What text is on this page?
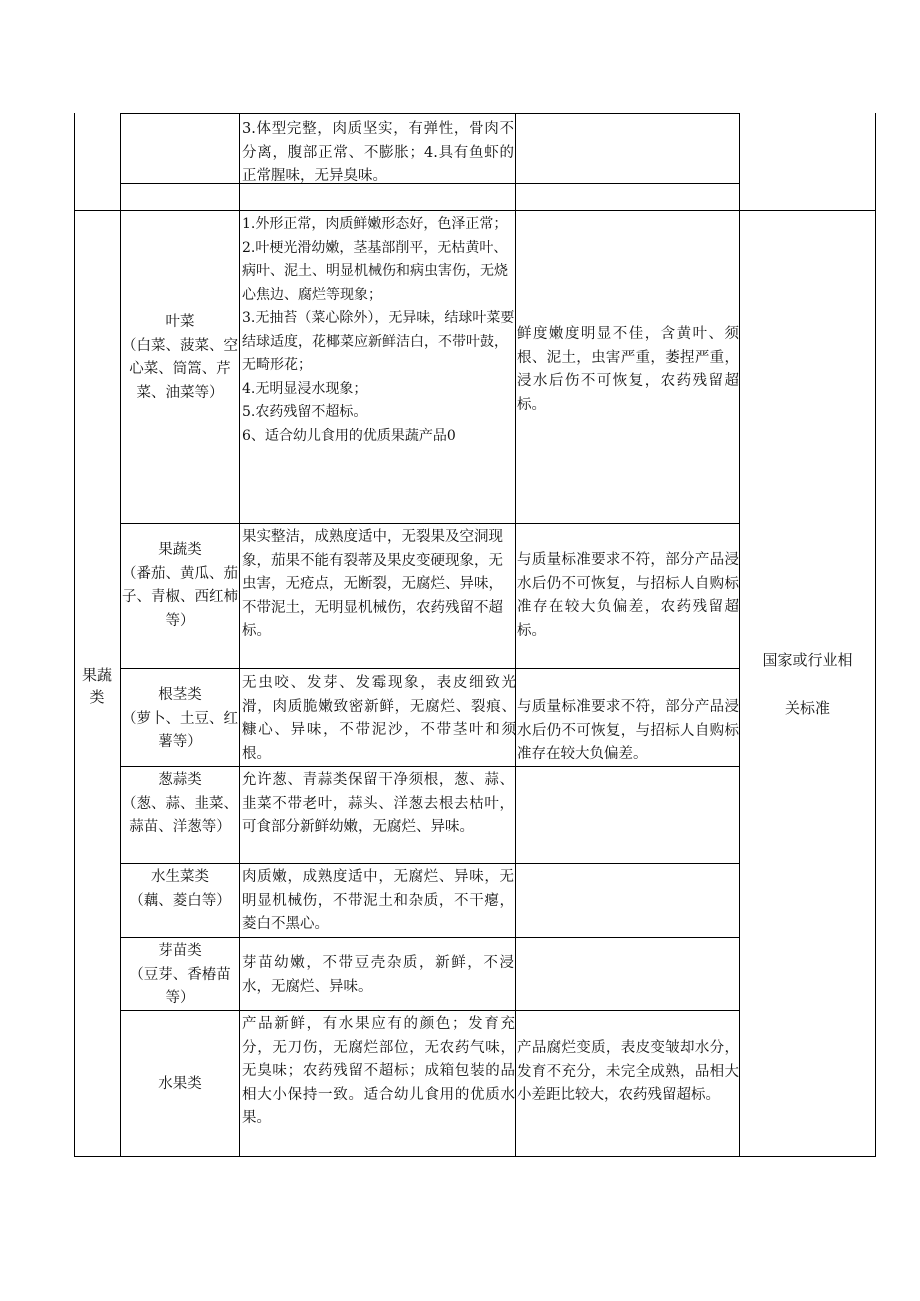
3.体型完整，肉质坚实，有弹性，骨肉不分离，腹部正常、不膨胀；4.具有鱼虾的正常腥味，无异臭味。
果蔬类
国家或行业相
关标准
叶菜
（白菜、菠菜、空心菜、筒篙、芹菜、油菜等）
1.外形正常，肉质鲜嫩形态好，色泽正常；
2.叶梗光滑幼嫩，茎基部削平，无枯黄叶、病叶、泥土、明显机械伤和病虫害伤，无烧心焦边、腐烂等现象；
3.无抽苔（菜心除外），无异味，结球叶菜要结球适度，花椰菜应新鲜洁白，不带叶鼓，无畸形花；
4.无明显浸水现象；
5.农药残留不超标。
6、适合幼儿食用的优质果蔬产品0
鲜度嫩度明显不佳，含黄叶、须根、泥土，虫害严重，萎捏严重，浸水后伤不可恢复，农药残留超标。
果蔬类
（番茄、黄瓜、茄子、青椒、西红柿等）
果实整洁，成熟度适中，无裂果及空洞现象，茄果不能有裂蒂及果皮变硬现象，无虫害，无疮点，无断裂，无腐烂、异味，不带泥土，无明显机械伤，农药残留不超标。
与质量标准要求不符，部分产品浸水后仍不可恢复，与招标人自购标准存在较大负偏差，农药残留超标。
根茎类
（萝卜、土豆、红薯等）
无虫咬、发芽、发霉现象，表皮细致光滑，肉质脆嫩致密新鲜，无腐烂、裂痕、糠心、异味，不带泥沙，不带茎叶和须根。
与质量标准要求不符，部分产品浸水后仍不可恢复，与招标人自购标准存在较大负偏差。
葱蒜类
（葱、蒜、韭菜、蒜苗、洋葱等）
允许葱、青蒜类保留干净须根，葱、蒜、韭菜不带老叶，蒜头、洋葱去根去枯叶，可食部分新鲜幼嫩，无腐烂、异味。
水生菜类
（藕、菱白等）
肉质嫩，成熟度适中，无腐烂、异味，无明显机械伤，不带泥土和杂质，不干瘪，菱白不黑心。
芽苗类
（豆芽、香椿苗等）
芽苗幼嫩，不带豆壳杂质，新鲜，不浸水，无腐烂、异味。
水果类
产品新鲜，有水果应有的颜色；发育充分，无刀伤，无腐烂部位，无农药气味，无臭味；农药残留不超标；成箱包装的品相大小保持一致。适合幼儿食用的优质水果。
产品腐烂变质，表皮变皱却水分，发育不充分，未完全成熟，品相大小差距比较大，农药残留超标。
